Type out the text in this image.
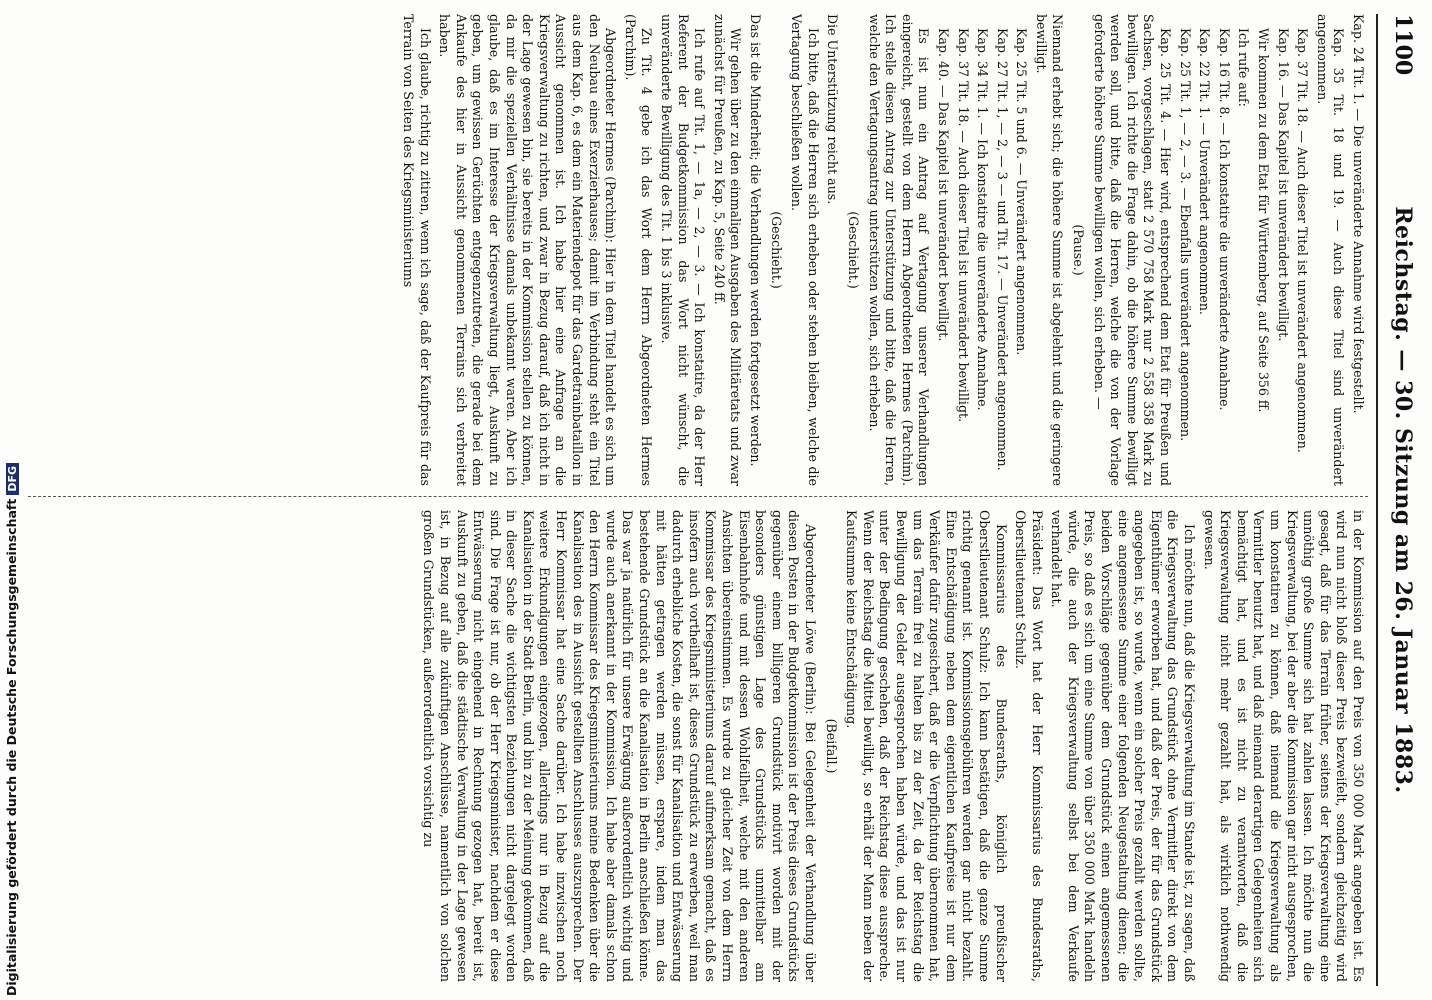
1100
Reichstag. — 30. Sitzung am 26. Januar 1883.

Kap. 24 Tit. 1. — Die unveränderte Annahme wird festgestellt.

Kap. 35 Tit. 18 und 19. — Auch diese Titel sind unverändert angenommen.

Kap. 37 Tit. 18. — Auch dieser Titel ist unverändert angenommen.

Kap. 16. — Das Kapitel ist unverändert bewilligt.

Wir kommen zu dem Etat für Württemberg, auf Seite 356 ff.

Ich rufe auf:

Kap. 16 Tit. 8. — Ich konstatire die unveränderte Annahme.

Kap. 22 Tit. 1. — Unverändert angenommen.

Kap. 25 Tit. 1, — 2, — 3. — Ebenfalls unverändert angenommen.

Kap. 25 Tit. 4. — Hier wird, entsprechend dem Etat für Preußen und Sachsen, vorgeschlagen, statt 2 570 758 Mark nur 2 558 358 Mark zu bewilligen. Ich richte die Frage dahin, ob die höhere Summe bewilligt werden soll, und bitte, daß die Herren, welche die von der Vorlage geforderte höhere Summe bewilligen wollen, sich erheben. —

(Pause.)

Niemand erhebt sich; die höhere Summe ist abgelehnt und die geringere bewilligt.

Kap. 25 Tit. 5 und 6. — Unverändert angenommen.

Kap. 27 Tit. 1, — 2, — 3 — und Tit. 17. — Unverändert angenommen.

Kap. 34 Tit. 1. — Ich konstatire die unveränderte Annahme.

Kap. 37 Tit. 18. — Auch dieser Titel ist unverändert bewilligt.

Kap. 40. — Das Kapitel ist unverändert bewilligt.

Es ist nun ein Antrag auf Vertagung unserer Verhandlungen eingereicht, gestellt von dem Herrn Abgeordneten Hermes (Parchim). Ich stelle diesen Antrag zur Unterstützung und bitte, daß die Herren, welche den Vertagungsantrag unterstützen wollen, sich erheben.

(Geschieht.)

Die Unterstützung reicht aus.

Ich bitte, daß die Herren sich erheben oder stehen bleiben, welche die Vertagung beschließen wollen.

(Geschieht.)

Das ist die Minderheit; die Verhandlungen werden fortgesetzt werden.

Wir gehen über zu den einmaligen Ausgaben des Militäretats und zwar zunächst für Preußen, zu Kap. 5, Seite 240 ff.

Ich rufe auf Tit. 1, — 1a, — 2, — 3. — Ich konstatire, da der Herr Referent der Budgetkommission das Wort nicht wünscht, die unveränderte Bewilligung des Tit. 1 bis 3 inklusive.

Zu Tit. 4 gebe ich das Wort dem Herrn Abgeordneten Hermes (Parchim).

Abgeordneter Hermes (Parchim): Hier in dem Titel handelt es sich um den Neubau eines Exerzierhauses; damit im Verbindung steht ein Titel aus dem Kap. 6, es dem ein Materiendepot für das Gardetrainbataillon in Aussicht genommen ist. Ich habe hier eine Anfrage an die Kriegsverwaltung zu richten, und zwar in Bezug darauf, daß ich nicht in der Lage gewesen bin, sie bereits in der Kommission stellen zu können, da mir die speziellen Verhältnisse damals unbekannt waren. Aber ich glaube, daß es im Interesse der Kriegsverwaltung liegt, Auskunft zu geben, um gewissen Gerüchten entgegenzutreten, die gerade bei dem Ankaufe des hier in Aussicht genommenen Terrains sich verbreitet haben.

Ich glaube, richtig zu zitiren, wenn ich sage, daß der Kaufpreis für das Terrain von Seiten des Kriegsministeriums

in der Kommission auf den Preis von 350 000 Mark angegeben ist. Es wird nun nicht bloß dieser Preis bezweifelt, sondern gleichzeitig wird gesagt, daß für das Terrain früher, seitens der Kriegsverwaltung eine unnöthig große Summe sich hat zahlen lassen. Ich möchte nun die Kriegsverwaltung, bei der aber die Kommission gar nicht ausgesprochen, um konstatiren zu können, daß niemand die Kriegsverwaltung als Vermittler benutzt hat, und daß niemand derartigen Gelegenheiten sich bemächtigt hat, und es ist nicht zu verantworten, daß die Kriegsverwaltung nicht mehr gezahlt hat, als wirklich nothwendig gewesen.

Ich möchte nun, daß die Kriegsverwaltung im Stande ist, zu sagen, daß die Kriegsverwaltung das Grundstück ohne Vermittler direkt von dem Eigenthümer erworben hat, und daß der Preis, der für das Grundstück angegeben ist, so wurde, wenn ein solcher Preis gezahlt werden sollte, eine angemessene Summe einer folgenden Neugestaltung dienen; die beiden Vorschläge gegenüber dem Grundstück einen angemessenen Preis, so daß es sich um eine Summe von über 350 000 Mark handeln würde, die auch der Kriegsverwaltung selbst bei dem Verkaufe verhandelt hat.

Präsident: Das Wort hat der Herr Kommissarius des Bundesraths, Oberstlieutenant Schulz.

Kommissarius des Bundesraths, königlich preußischer Oberstlieutenant Schulz: Ich kann bestätigen, daß die ganze Summe richtig genannt ist. Kommissionsgebühren werden gar nicht bezahlt. Eine Entschädigung neben dem eigentlichen Kaufpreise ist nur dem Verkäufer dafür zugesichert, daß er die Verpflichtung übernommen hat, um das Terrain frei zu halten bis zu der Zeit, da der Reichstag die Bewilligung der Gelder ausgesprochen haben würde, und das ist nur unter der Bedingung geschehen, daß der Reichstag diese ausspreche. Wenn der Reichstag die Mittel bewilligt, so erhält der Mann neben der Kaufsumme keine Entschädigung.

(Beifall.)

Abgeordneter Löwe (Berlin): Bei Gelegenheit der Verhandlung über diesen Posten in der Budgetkommission ist der Preis dieses Grundstücks gegenüber einem billigeren Grundstück motivirt worden mit der besonders günstigen Lage des Grundstücks unmittelbar am Eisenbahnhofe und mit dessen Wohlfeilheit, welche mit den anderen Ansichten übereinstimmen. Es wurde zu gleicher Zeit von dem Herrn Kommissar des Kriegsministeriums darauf aufmerksam gemacht, daß es insofern auch vortheilhaft ist, dieses Grundstück zu erwerben, weil man dadurch erhebliche Kosten, die sonst für Kanalisation und Entwässerung mit hätten getragen werden müssen, erspare, indem man das bestehende Grundstück an die Kanalisation in Berlin anschließen könne. Das war ja natürlich für unsere Erwägung außerordentlich wichtig und wurde auch anerkannt in der Kommission. Ich habe aber damals schon den Herrn Kommissar des Kriegsministeriums meine Bedenken über die Kanalisation des in Aussicht gestellten Anschlusses auszusprechen. Der Herr Kommissar hat eine Sache darüber. Ich habe inzwischen noch weitere Erkundigungen eingezogen, allerdings nur in Bezug auf die Kanalisation in der Stadt Berlin, und bin zu der Meinung gekommen, daß in dieser Sache die wichtigsten Beziehungen nicht dargelegt worden sind. Die Frage ist nur, ob der Herr Kriegsminister, nachdem er diese Entwässerung nicht eingehend in Rechnung gezogen hat, bereit ist, Auskunft zu geben, daß die städtische Verwaltung in der Lage gewesen ist, in Bezug auf alle zukünftigen Anschlüsse, namentlich von solchen großen Grundstücken, außerordentlich vorsichtig zu

Digitalisierung gefördert durch die Deutsche ForschungsgemeinschaftDFG
